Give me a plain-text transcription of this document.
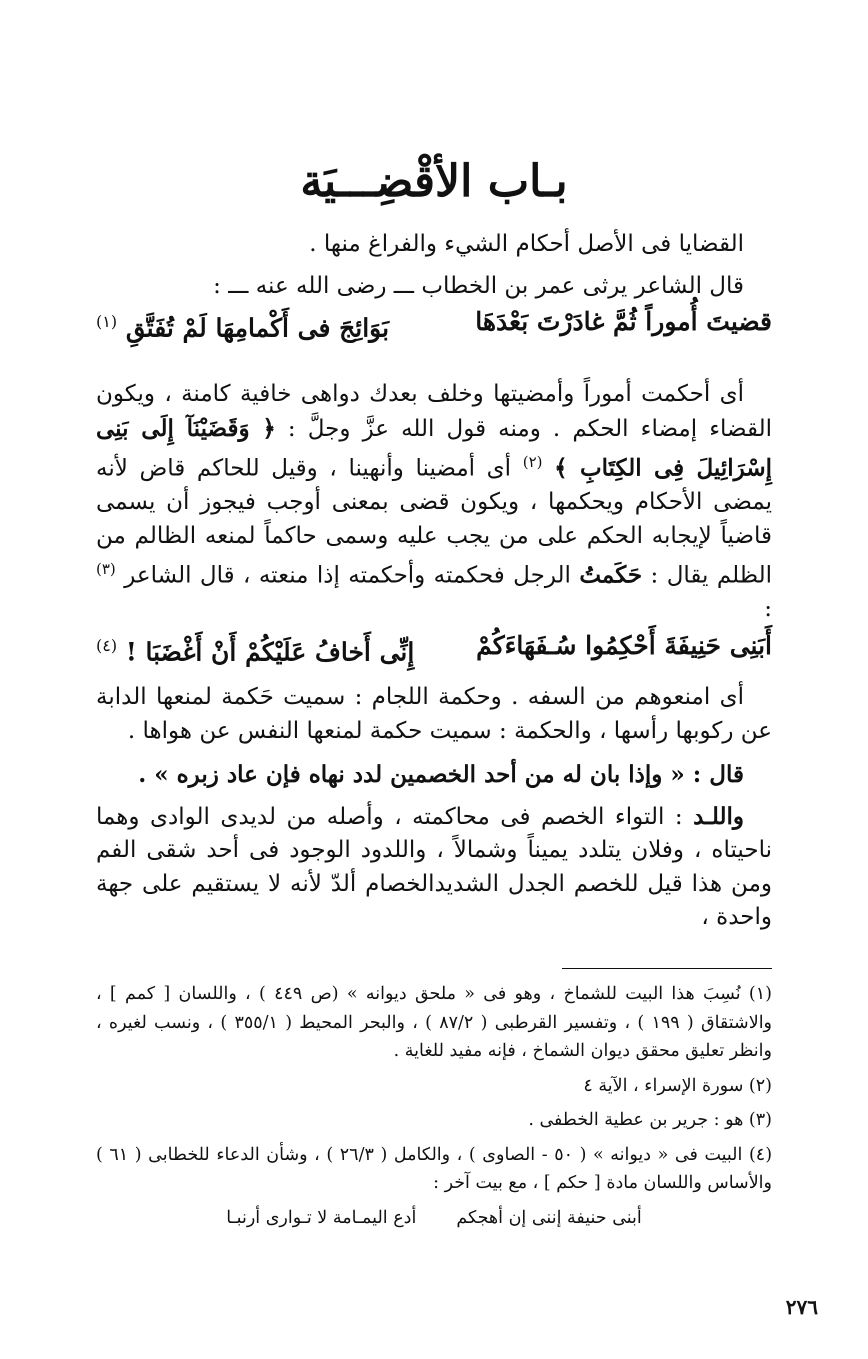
بـاب الأقْضِـــيَة

القضايا فى الأصل أحكام الشيء والفراغ منها .

قال الشاعر يرثى عمر بن الخطاب ـــ رضى الله عنه ـــ :

قضيتَ أُموراً ثُمَّ غادَرْتَ بَعْدَهَا
بَوَائِجَ فى أَكْمامِهَا لَمْ تُفَتَّقِ $^{(١)}$

أى أحكمت أموراً وأمضيتها وخلف بعدك دواهى خافية كامنة ، ويكون القضاء إمضاء الحكم . ومنه قول الله عزَّ وجلَّ : ﴿ وَقَضَيْنَآ إِلَى بَنِى إِسْرَائِيلَ فِى الكِتَابِ ﴾ $^{(٢)}$ أى أمضينا وأنهينا ، وقيل للحاكم قاض لأنه يمضى الأحكام ويحكمها ، ويكون قضى بمعنى أوجب فيجوز أن يسمى قاضياً لإيجابه الحكم على من يجب عليه وسمى حاكماً لمنعه الظالم من الظلم يقال : حَكَمتُ الرجل فحكمته وأحكمته إذا منعته ، قال الشاعر $^{(٣)}$ :

أَبَنِى حَنِيفَةَ أَحْكِمُوا سُـفَهَاءَكُمْ
إِنِّى أَخافُ عَلَيْكُمْ أَنْ أَغْضَبَا ! $^{(٤)}$

أى امنعوهم من السفه . وحكمة اللجام : سميت حَكمة لمنعها الدابة عن ركوبها رأسها ، والحكمة : سميت حكمة لمنعها النفس عن هواها .

قال : « وإذا بان له من أحد الخصمين لدد نهاه فإن عاد زبره » .

واللـد : التواء الخصم فى محاكمته ، وأصله من لديدى الوادى وهما ناحيتاه ، وفلان يتلدد يميناً وشمالاً ، واللدود الوجود فى أحد شقى الفم ومن هذا قيل للخصم الجدل الشديدالخصام ألدّ لأنه لا يستقيم على جهة واحدة ،

(١) نُسِبَ هذا البيت للشماخ ، وهو فى « ملحق ديوانه » (ص ٤٤٩ ) ، واللسان [ كمم ] ، والاشتقاق ( ١٩٩ ) ، وتفسير القرطبى ( ٨٧/٢ ) ، والبحر المحيط ( ٣٥٥/١ ) ، ونسب لغيره ، وانظر تعليق محقق ديوان الشماخ ، فإنه مفيد للغاية .

(٢) سورة الإسراء ، الآية ٤

(٣) هو : جرير بن عطية الخطفى .

(٤) البيت فى « ديوانه » ( ٥٠ - الصاوى ) ، والكامل ( ٢٦/٣ ) ، وشأن الدعاء للخطابى ( ٦١ ) والأساس واللسان مادة [ حكم ] ، مع بيت آخر :

أبنى حنيفة إننى إن أهجكم
أدع اليمـامة لا تـوارى أرنبـا
٢٧٦
